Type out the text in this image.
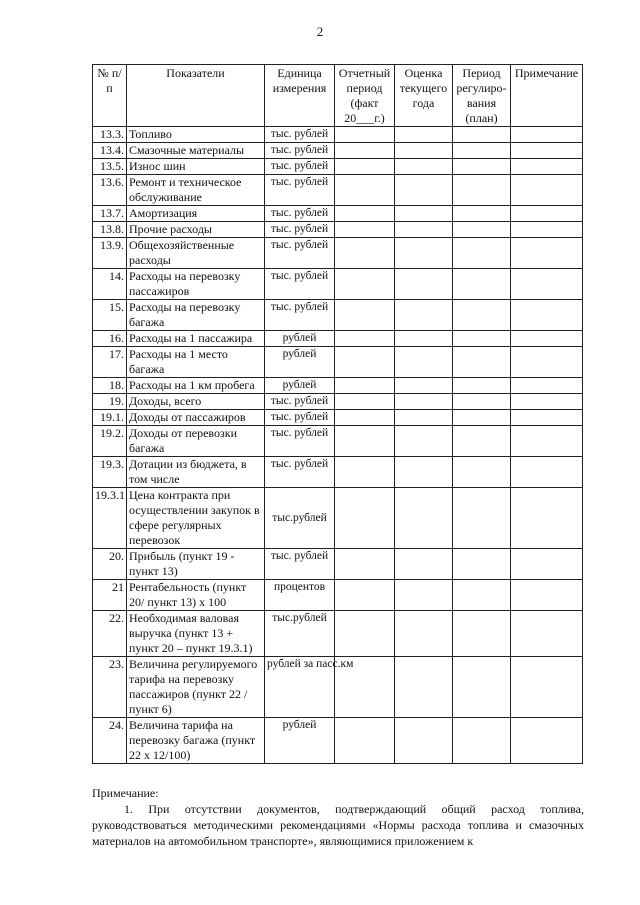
2
№ п/п	Показатели	Единица измерения	Отчетный период (факт 20___г.)	Оценка текущего года	Период регулиро-вания (план)	Примечание
13.3.	Топливо	тыс. рублей				
13.4.	Смазочные материалы	тыс. рублей				
13.5.	Износ шин	тыс. рублей				
13.6.	Ремонт и техническое обслуживание	тыс. рублей				
13.7.	Амортизация	тыс. рублей				
13.8.	Прочие расходы	тыс. рублей				
13.9.	Общехозяйственные расходы	тыс. рублей				
14.	Расходы на перевозку пассажиров	тыс. рублей				
15.	Расходы на перевозку багажа	тыс. рублей				
16.	Расходы на 1 пассажира	рублей				
17.	Расходы на 1 место багажа	рублей				
18.	Расходы на 1 км пробега	рублей				
19.	Доходы, всего	тыс. рублей				
19.1.	Доходы от пассажиров	тыс. рублей				
19.2.	Доходы от перевозки багажа	тыс. рублей				
19.3.	Дотации из бюджета, в том числе	тыс. рублей				
19.3.1.	Цена контракта при осуществлении закупок в сфере регулярных перевозок	тыс.рублей				
20.	Прибыль (пункт 19 - пункт 13)	тыс. рублей				
21	Рентабельность (пункт 20/ пункт 13) х 100	процентов				
22.	Необходимая валовая выручка (пункт 13 + пункт 20 – пункт 19.3.1)	тыс.рублей				
23.	Величина регулируемого тарифа на перевозку пассажиров (пункт 22 /пункт 6)	рублей за пасс.км				
24.	Величина тарифа на перевозку багажа (пункт 22 х 12/100)	рублей				

Примечание:

1. При отсутствии документов, подтверждающий общий расход топлива, руководствоваться методическими рекомендациями «Нормы расхода топлива и смазочных материалов на автомобильном транспорте», являющимися приложением к
